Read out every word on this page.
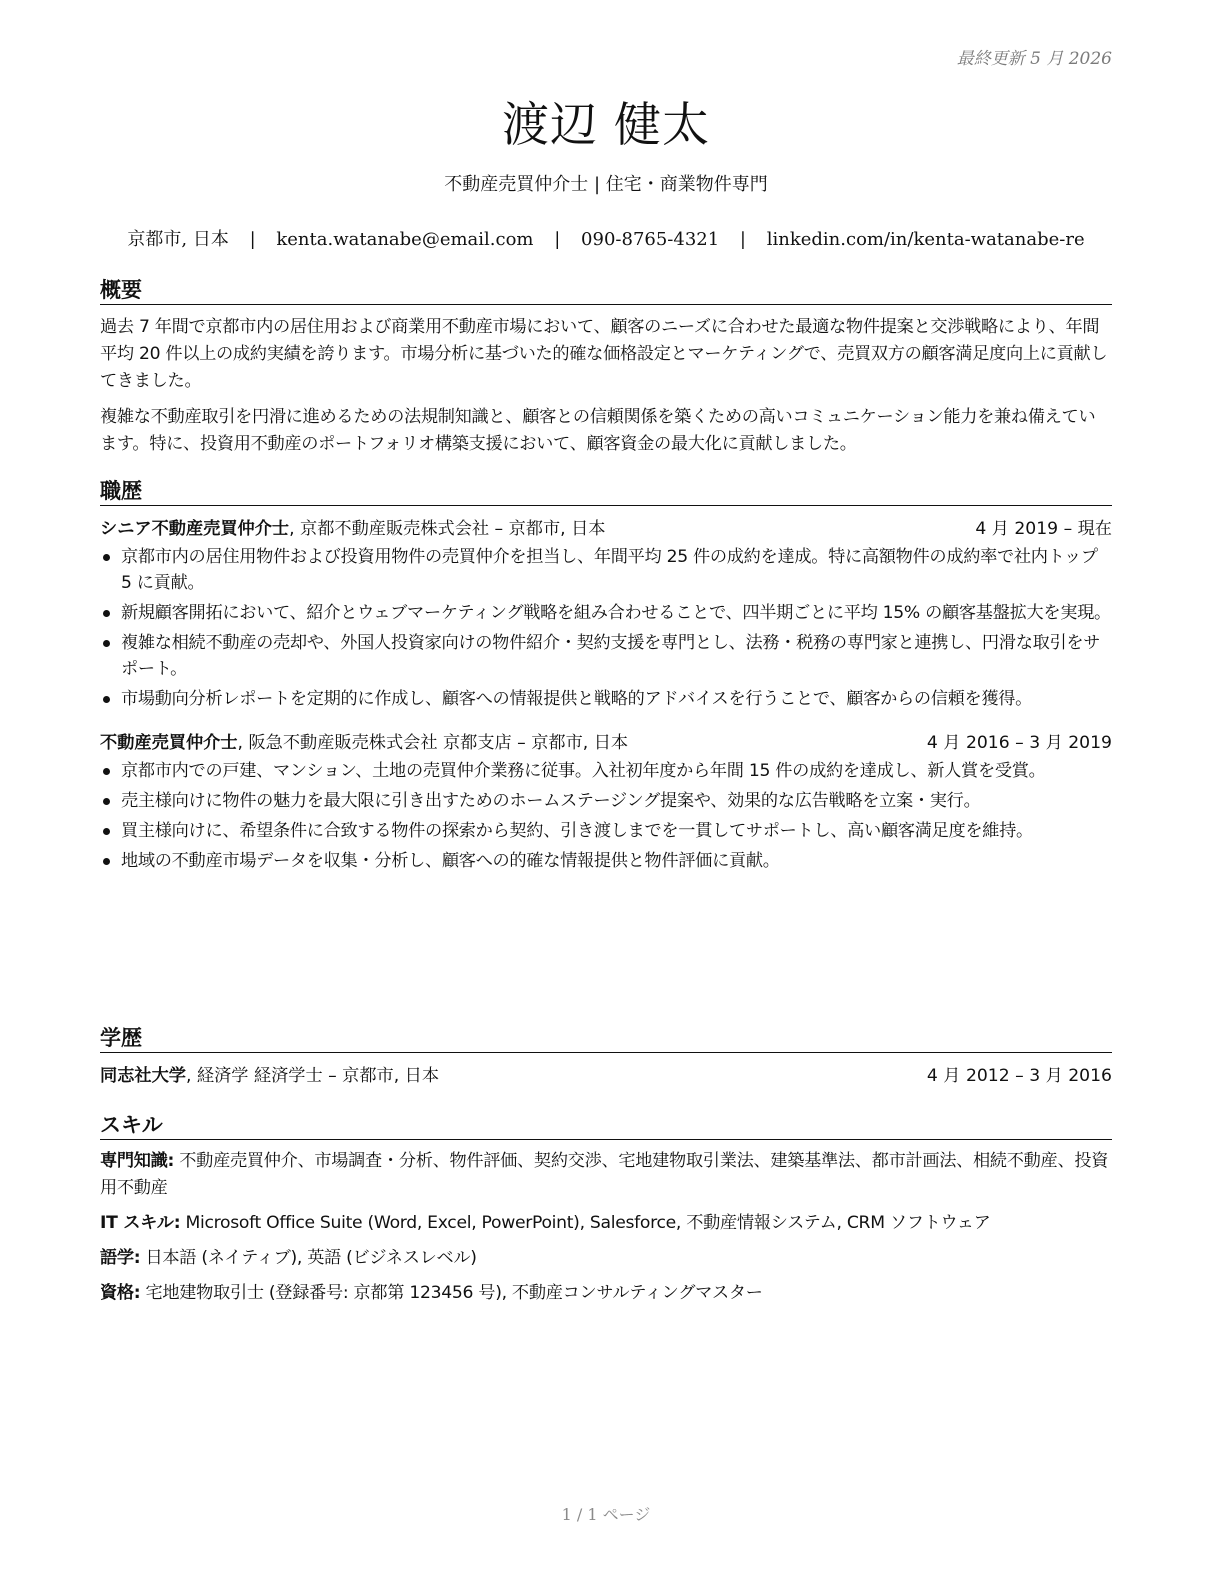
最終更新 5 月 2026
渡辺 健太
不動産売買仲介士 | 住宅・商業物件専門
京都市, 日本 | kenta.watanabe@email.com | 090-8765-4321 | linkedin.com/in/kenta-watanabe-re
概要

過去 7 年間で京都市内の居住用および商業用不動産市場において、顧客のニーズに合わせた最適な物件提案と交渉戦略により、年間平均 20 件以上の成約実績を誇ります。市場分析に基づいた的確な価格設定とマーケティングで、売買双方の顧客満足度向上に貢献してきました。

複雑な不動産取引を円滑に進めるための法規制知識と、顧客との信頼関係を築くための高いコミュニケーション能力を兼ね備えています。特に、投資用不動産のポートフォリオ構築支援において、顧客資金の最大化に貢献しました。

職歴
シニア不動産売買仲介士, 京都不動産販売株式会社 – 京都市, 日本	4 月 2019 – 現在
京都市内の居住用物件および投資用物件の売買仲介を担当し、年間平均 25 件の成約を達成。特に高額物件の成約率で社内トップ 5 に貢献。
新規顧客開拓において、紹介とウェブマーケティング戦略を組み合わせることで、四半期ごとに平均 15% の顧客基盤拡大を実現。
複雑な相続不動産の売却や、外国人投資家向けの物件紹介・契約支援を専門とし、法務・税務の専門家と連携し、円滑な取引をサポート。
市場動向分析レポートを定期的に作成し、顧客への情報提供と戦略的アドバイスを行うことで、顧客からの信頼を獲得。
不動産売買仲介士, 阪急不動産販売株式会社 京都支店 – 京都市, 日本	4 月 2016 – 3 月 2019
京都市内での戸建、マンション、土地の売買仲介業務に従事。入社初年度から年間 15 件の成約を達成し、新人賞を受賞。
売主様向けに物件の魅力を最大限に引き出すためのホームステージング提案や、効果的な広告戦略を立案・実行。
買主様向けに、希望条件に合致する物件の探索から契約、引き渡しまでを一貫してサポートし、高い顧客満足度を維持。
地域の不動産市場データを収集・分析し、顧客への的確な情報提供と物件評価に貢献。
学歴
同志社大学, 経済学 経済学士 – 京都市, 日本	4 月 2012 – 3 月 2016
スキル
専門知識: 不動産売買仲介、市場調査・分析、物件評価、契約交渉、宅地建物取引業法、建築基準法、都市計画法、相続不動産、投資用不動産
IT スキル: Microsoft Office Suite (Word, Excel, PowerPoint), Salesforce, 不動産情報システム, CRM ソフトウェア
語学: 日本語 (ネイティブ), 英語 (ビジネスレベル)
資格: 宅地建物取引士 (登録番号: 京都第 123456 号), 不動産コンサルティングマスター
1 / 1 ページ
